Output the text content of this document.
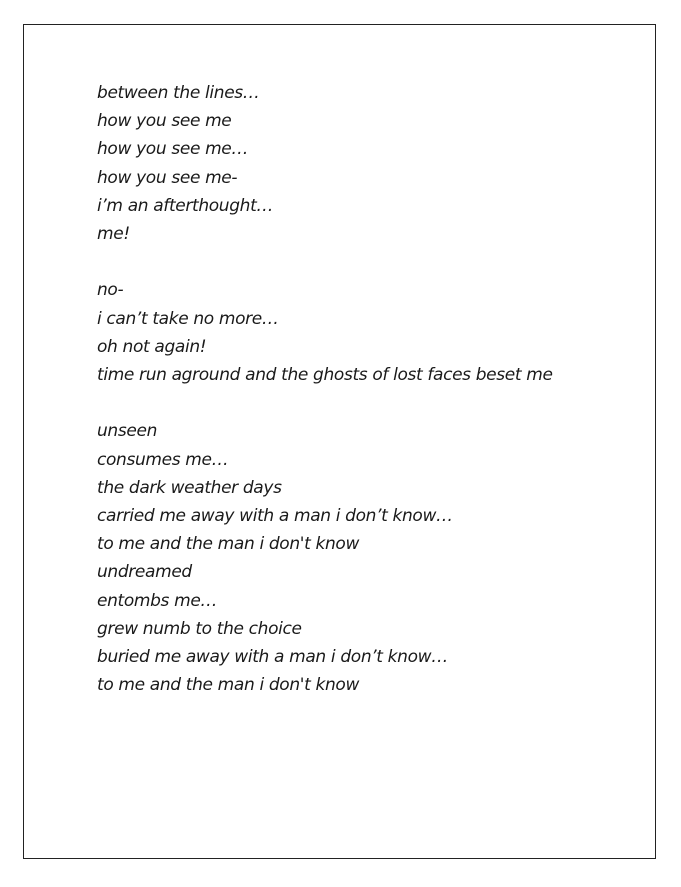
between the lines…
how you see me
how you see me…
how you see me-
i’m an afterthought…
me!
no-
i can’t take no more…
oh not again!
time run aground and the ghosts of lost faces beset me
unseen
consumes me…
the dark weather days
carried me away with a man i don’t know…
to me and the man i don't know
undreamed
entombs me…
grew numb to the choice
buried me away with a man i don’t know…
to me and the man i don't know
